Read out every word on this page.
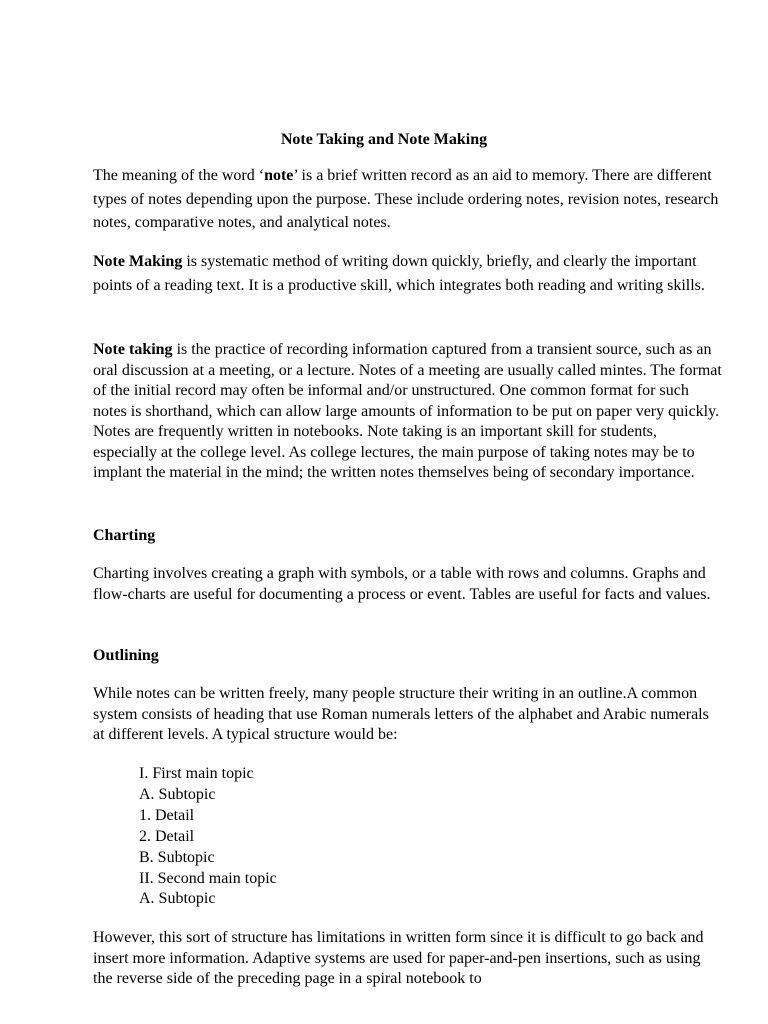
Note Taking and Note Making

The meaning of the word ‘note’ is a brief written record as an aid to memory. There are different types of notes depending upon the purpose. These include ordering notes, revision notes, research notes, comparative notes, and analytical notes.

Note Making is systematic method of writing down quickly, briefly, and clearly the important points of a reading text. It is a productive skill, which integrates both reading and writing skills.

Note taking is the practice of recording information captured from a transient source, such as an oral discussion at a meeting, or a lecture. Notes of a meeting are usually called mintes. The format of the initial record may often be informal and/or unstructured. One common format for such notes is shorthand, which can allow large amounts of information to be put on paper very quickly. Notes are frequently written in notebooks. Note taking is an important skill for students, especially at the college level. As college lectures, the main purpose of taking notes may be to implant the material in the mind; the written notes themselves being of secondary importance.

Charting

Charting involves creating a graph with symbols, or a table with rows and columns. Graphs and flow-charts are useful for documenting a process or event. Tables are useful for facts and values.

Outlining

While notes can be written freely, many people structure their writing in an outline.A common system consists of heading that use Roman numerals letters of the alphabet and Arabic numerals at different levels. A typical structure would be:

I. First main topic
A. Subtopic
1. Detail
2. Detail
B. Subtopic
II. Second main topic
A. Subtopic

However, this sort of structure has limitations in written form since it is difficult to go back and insert more information. Adaptive systems are used for paper-and-pen insertions, such as using the reverse side of the preceding page in a spiral notebook to
